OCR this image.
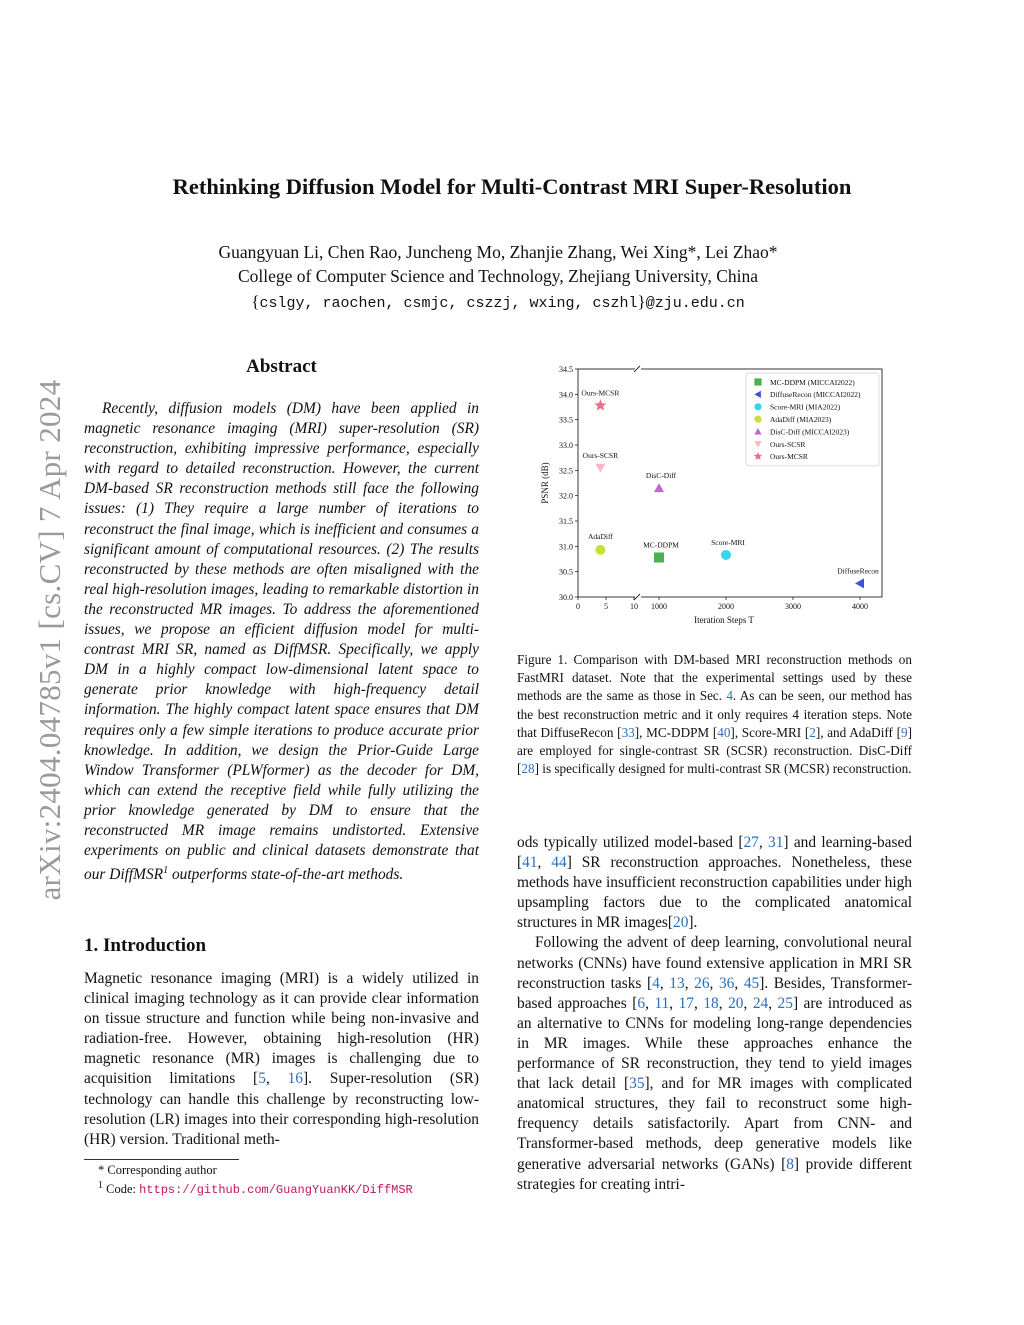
arXiv:2404.04785v1 [cs.CV] 7 Apr 2024
Rethinking Diffusion Model for Multi-Contrast MRI Super-Resolution
Guangyuan Li, Chen Rao, Juncheng Mo, Zhanjie Zhang, Wei Xing*, Lei Zhao*
College of Computer Science and Technology, Zhejiang University, China
{cslgy, raochen, csmjc, cszzj, wxing, cszhl}@zju.edu.cn
Abstract

Recently, diffusion models (DM) have been applied in magnetic resonance imaging (MRI) super-resolution (SR) reconstruction, exhibiting impressive performance, especially with regard to detailed reconstruction. However, the current DM-based SR reconstruction methods still face the following issues: (1) They require a large number of iterations to reconstruct the final image, which is inefficient and consumes a significant amount of computational resources. (2) The results reconstructed by these methods are often misaligned with the real high-resolution images, leading to remarkable distortion in the reconstructed MR images. To address the aforementioned issues, we propose an efficient diffusion model for multi-contrast MRI SR, named as DiffMSR. Specifically, we apply DM in a highly compact low-dimensional latent space to generate prior knowledge with high-frequency detail information. The highly compact latent space ensures that DM requires only a few simple iterations to produce accurate prior knowledge. In addition, we design the Prior-Guide Large Window Transformer (PLWformer) as the decoder for DM, which can extend the receptive field while fully utilizing the prior knowledge generated by DM to ensure that the reconstructed MR image remains undistorted. Extensive experiments on public and clinical datasets demonstrate that our DiffMSR$^1$ outperforms state-of-the-art methods.

1. Introduction

Magnetic resonance imaging (MRI) is a widely utilized in clinical imaging technology as it can provide clear information on tissue structure and function while being non-invasive and radiation-free. However, obtaining high-resolution (HR) magnetic resonance (MR) images is challenging due to acquisition limitations [5, 16]. Super-resolution (SR) technology can handle this challenge by reconstructing low-resolution (LR) images into their corresponding high-resolution (HR) version. Traditional meth-

* Corresponding author
$^1$ Code: https://github.com/GuangYuanKK/DiffMSR
30.0
30.5
31.0
31.5
32.0
32.5
33.0
33.5
34.0
34.5
0	5	10 1000	2000	3000	4000
Iteration Steps T
PSNR (dB)
MC-DDPM
DiffuseRecon
Score-MRI
AdaDiff
DisC-Diff
Ours-SCSR
Ours-MCSR
MC-DDPM (MICCAI2022)
DiffuseRecon (MICCAI2022)
Score-MRI (MIA2022)
AdaDiff (MIA2023)
DisC-Diff (MICCAI2023)
Ours-SCSR
Ours-MCSR
Figure 1. Comparison with DM-based MRI reconstruction methods on FastMRI dataset. Note that the experimental settings used by these methods are the same as those in Sec. 4. As can be seen, our method has the best reconstruction metric and it only requires 4 iteration steps. Note that DiffuseRecon [33], MC-DDPM [40], Score-MRI [2], and AdaDiff [9] are employed for single-contrast SR (SCSR) reconstruction. DisC-Diff [28] is specifically designed for multi-contrast SR (MCSR) reconstruction.

ods typically utilized model-based [27, 31] and learning-based [41, 44] SR reconstruction approaches. Nonetheless, these methods have insufficient reconstruction capabilities under high upsampling factors due to the complicated anatomical structures in MR images[20].

Following the advent of deep learning, convolutional neural networks (CNNs) have found extensive application in MRI SR reconstruction tasks [4, 13, 26, 36, 45]. Besides, Transformer-based approaches [6, 11, 17, 18, 20, 24, 25] are introduced as an alternative to CNNs for modeling long-range dependencies in MR images. While these approaches enhance the performance of SR reconstruction, they tend to yield images that lack detail [35], and for MR images with complicated anatomical structures, they fail to reconstruct some high-frequency details satisfactorily. Apart from CNN- and Transformer-based methods, deep generative models like generative adversarial networks (GANs) [8] provide different strategies for creating intri-
